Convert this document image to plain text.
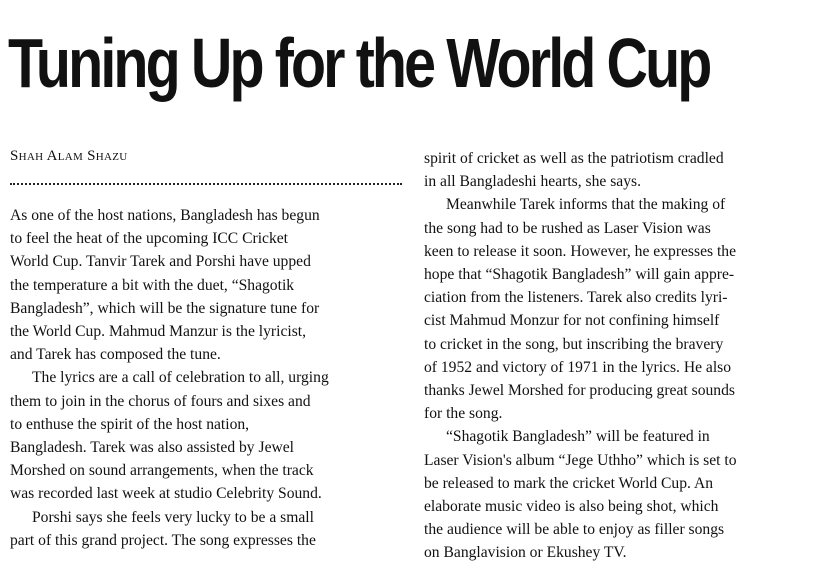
Tuning Up for the World Cup
Shah Alam Shazu

As one of the host nations, Bangladesh has begun

to feel the heat of the upcoming ICC Cricket

World Cup. Tanvir Tarek and Porshi have upped

the temperature a bit with the duet, “Shagotik

Bangladesh”, which will be the signature tune for

the World Cup. Mahmud Manzur is the lyricist,

and Tarek has composed the tune.

The lyrics are a call of celebration to all, urging

them to join in the chorus of fours and sixes and

to enthuse the spirit of the host nation,

Bangladesh. Tarek was also assisted by Jewel

Morshed on sound arrangements, when the track

was recorded last week at studio Celebrity Sound.

Porshi says she feels very lucky to be a small

part of this grand project. The song expresses the

spirit of cricket as well as the patriotism cradled

in all Bangladeshi hearts, she says.

Meanwhile Tarek informs that the making of

the song had to be rushed as Laser Vision was

keen to release it soon. However, he expresses the

hope that “Shagotik Bangladesh” will gain appre-

ciation from the listeners. Tarek also credits lyri-

cist Mahmud Monzur for not confining himself

to cricket in the song, but inscribing the bravery

of 1952 and victory of 1971 in the lyrics. He also

thanks Jewel Morshed for producing great sounds

for the song.

“Shagotik Bangladesh” will be featured in

Laser Vision's album “Jege Uthho” which is set to

be released to mark the cricket World Cup. An

elaborate music video is also being shot, which

the audience will be able to enjoy as filler songs

on Banglavision or Ekushey TV.
